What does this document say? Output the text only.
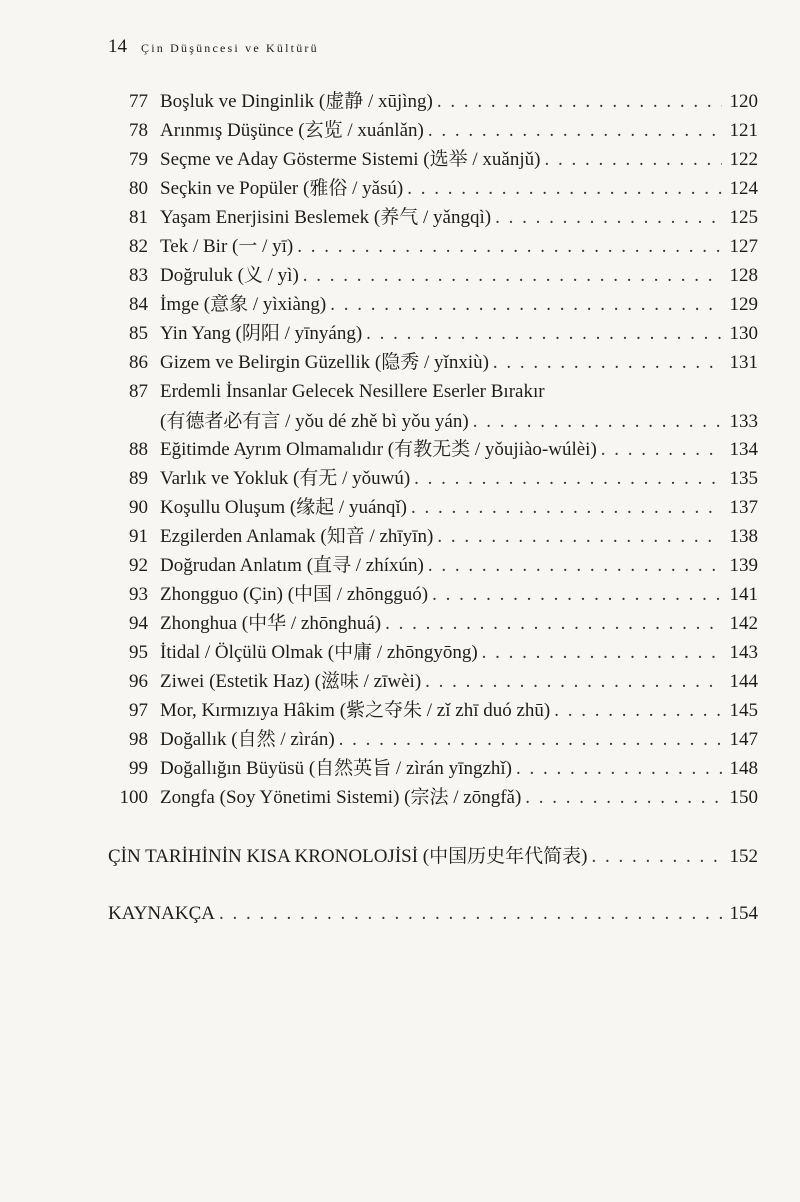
14 Çin Düşüncesi ve Kültürü
77 Boşluk ve Dinginlik (虚静 / xūjìng) . . .	120
78 Arınmış Düşünce (玄览 / xuánlǎn) . . .	121
79 Seçme ve Aday Gösterme Sistemi (选举 / xuǎnjǔ) . . .	122
80 Seçkin ve Popüler (雅俗 / yǎsú) . . .	124
81 Yaşam Enerjisini Beslemek (养气 / yǎngqì) . . .	125
82 Tek / Bir (一 / yī) . . .	127
83 Doğruluk (义 / yì) . . .	128
84 İmge (意象 / yìxiàng) . . .	129
85 Yin Yang (阴阳 / yīnyáng) . . .	130
86 Gizem ve Belirgin Güzellik (隐秀 / yǐnxiù) . . .	131
87 Erdemli İnsanlar Gelecek Nesillere Eserler Bırakır
(有德者必有言 / yǒu dé zhě bì yǒu yán) . . .	133
88 Eğitimde Ayrım Olmamalıdır (有教无类 / yǒujiào-wúlèi) . . .	134
89 Varlık ve Yokluk (有无 / yǒuwú) . . .	135
90 Koşullu Oluşum (缘起 / yuánqǐ) . . .	137
91 Ezgilerden Anlamak (知音 / zhīyīn) . . .	138
92 Doğrudan Anlatım (直寻 / zhíxún) . . .	139
93 Zhongguo (Çin) (中国 / zhōngguó) . . .	141
94 Zhonghua (中华 / zhōnghuá) . . .	142
95 İtidal / Ölçülü Olmak (中庸 / zhōngyōng) . . .	143
96 Ziwei (Estetik Haz) (滋味 / zīwèi) . . .	144
97 Mor, Kırmızıya Hâkim (紫之夺朱 / zǐ zhī duó zhū) . . .	145
98 Doğallık (自然 / zìrán) . . .	147
99 Doğallığın Büyüsü (自然英旨 / zìrán yīngzhǐ) . . .	148
100 Zongfa (Soy Yönetimi Sistemi) (宗法 / zōngfǎ) . . .	150
ÇİN TARİHİNİN KISA KRONOLOJİSİ (中国历史年代简表) . . .	152
KAYNAKÇA . . .	154
